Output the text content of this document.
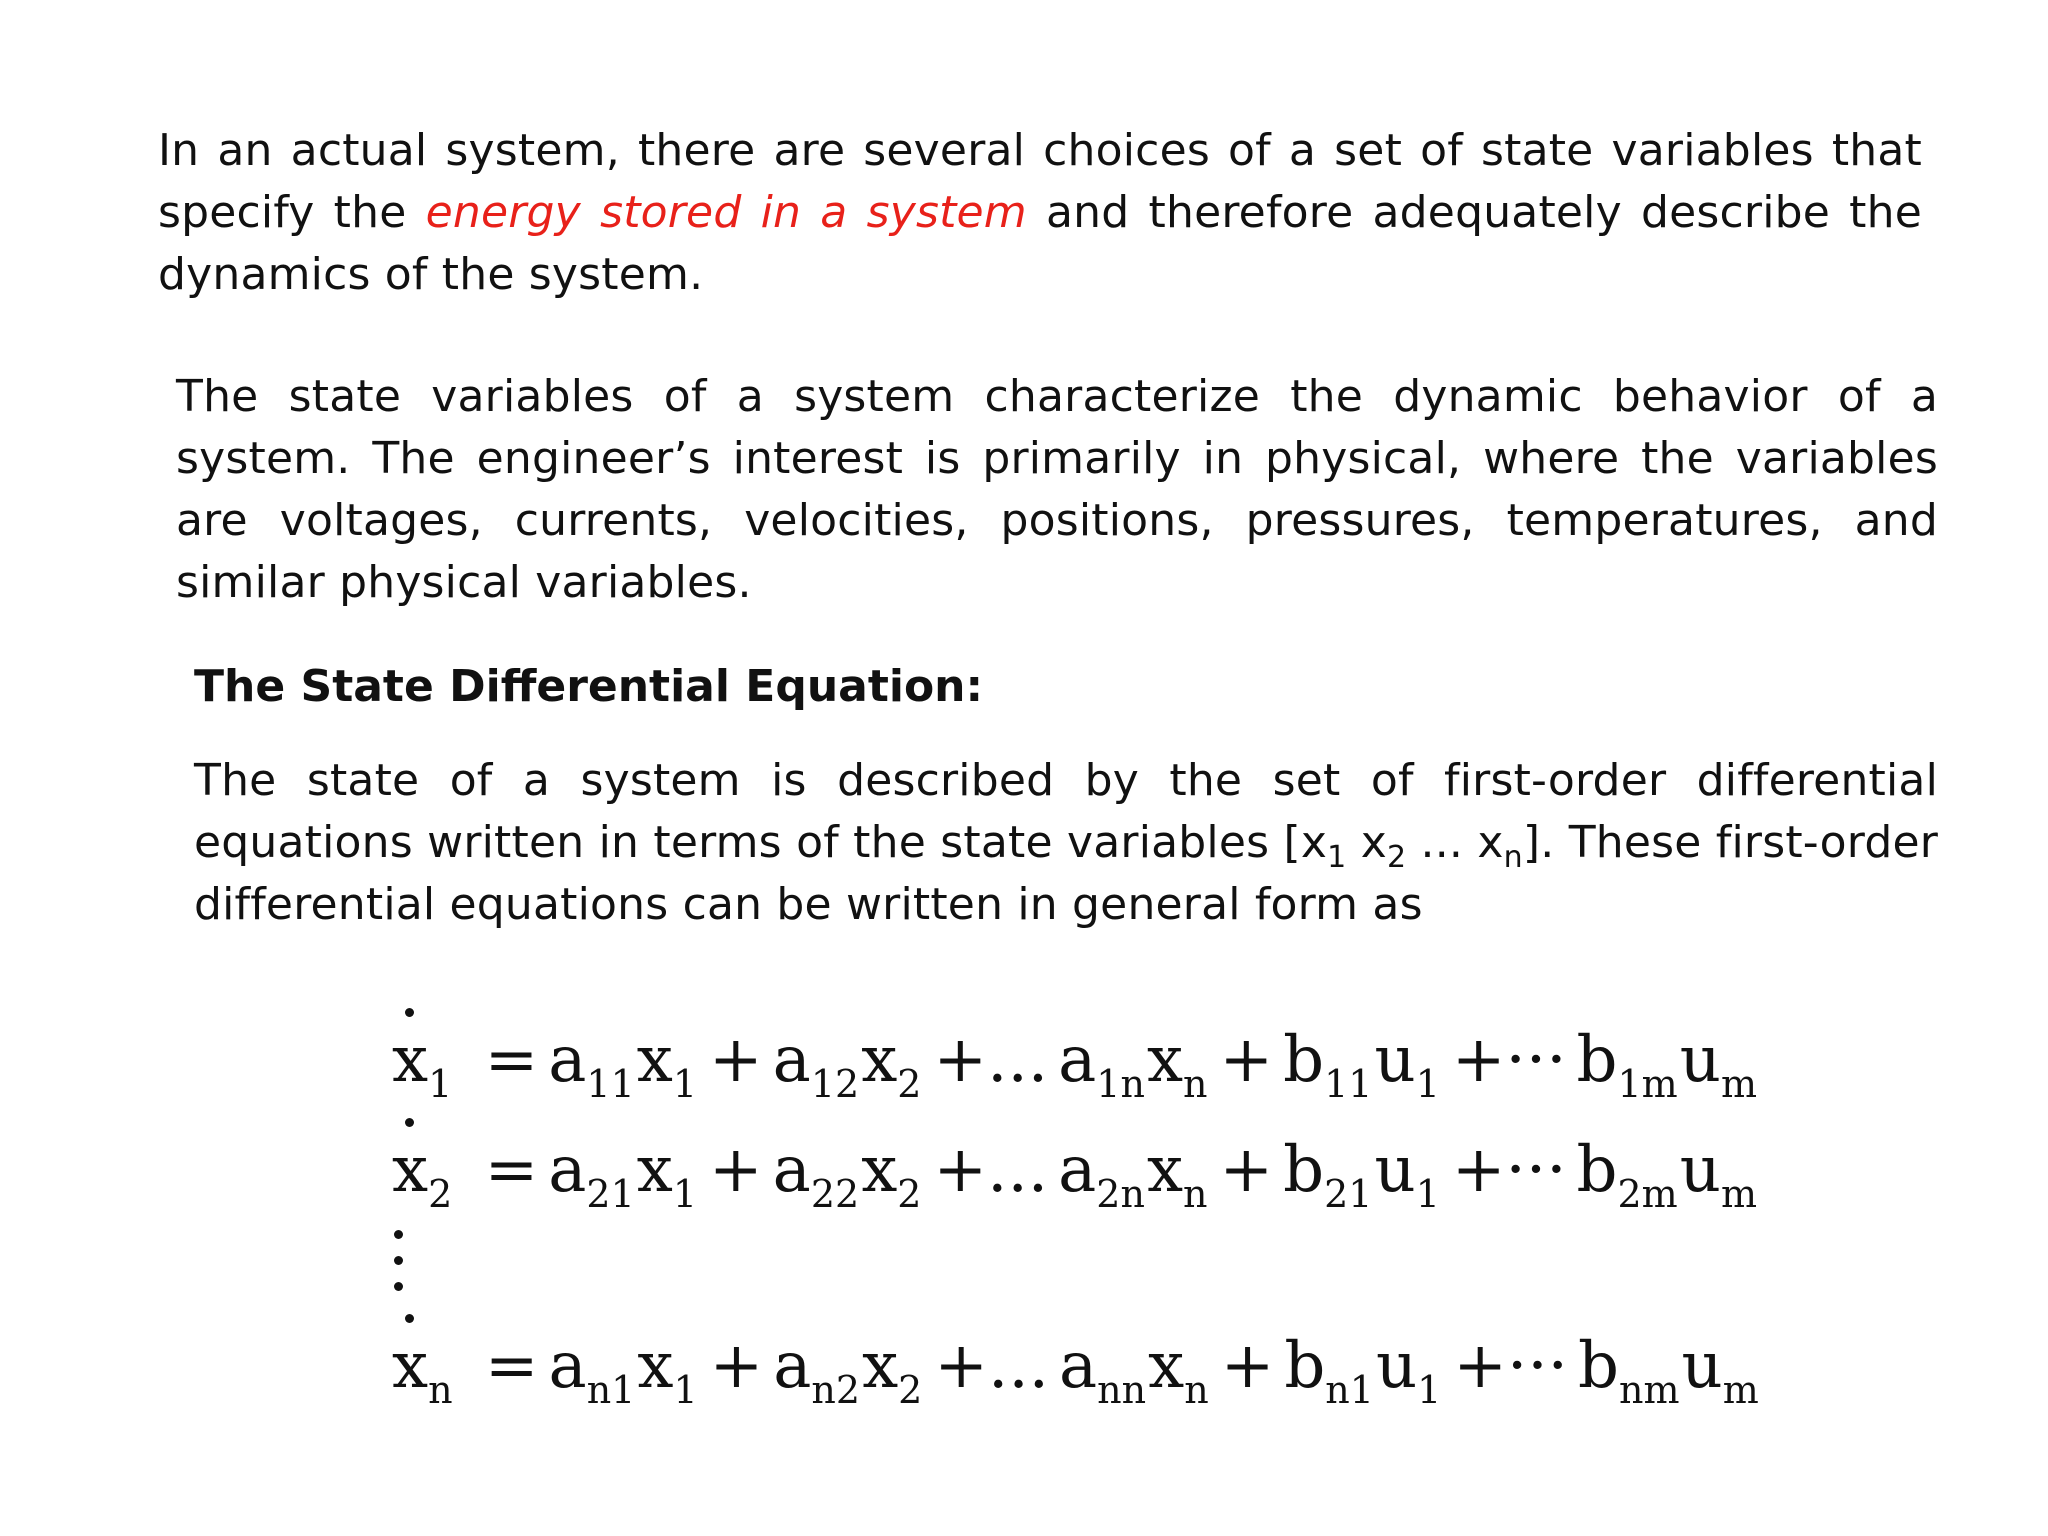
In an actual system, there are several choices of a set of state variables that specify the energy stored in a system and therefore adequately describe the dynamics of the system.

The state variables of a system characterize the dynamic behavior of a system. The engineer’s interest is primarily in physical, where the variables are voltages, currents, velocities, positions, pressures, temperatures, and similar physical variables.

The State Differential Equation:

The state of a system is described by the set of first-order differential equations written in terms of the state variables [$x_1$ $x_2$ ... $x_n$]. These first-order differential equations can be written in general form as

$x_1 = a_{11}x_1 + a_{12}x_2$ +... $a_{1n}x_n + b_{11}u_1$ +··· $b_{1m}u_m$
$x_2 = a_{21}x_1 + a_{22}x_2$ +... $a_{2n}x_n + b_{21}u_1$ +··· $b_{2m}u_m$
$x_n = a_{n1}x_1 + a_{n2}x_2$ +... $a_{nn}x_n + b_{n1}u_1$ +··· $b_{nm}u_m$
